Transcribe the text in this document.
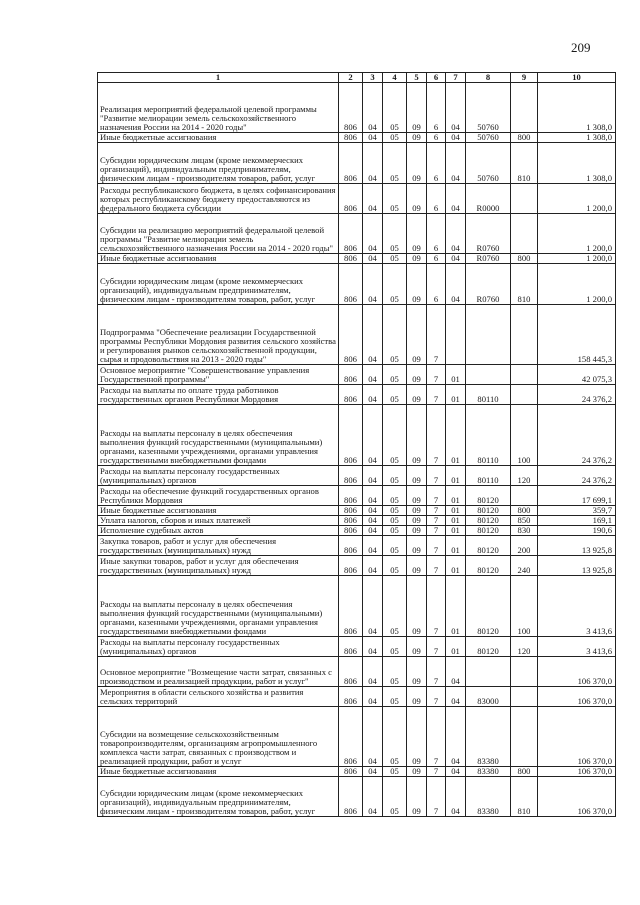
209
1	2	3	4	5	6	7	8	9	10
Реализация мероприятий федеральной целевой программы "Развитие мелиорации земель сельскохозяйственного назначения России на 2014 - 2020 годы"	806	04	05	09	6	04	50760		1 308,0
Иные бюджетные ассигнования	806	04	05	09	6	04	50760	800	1 308,0
Субсидии юридическим лицам (кроме некоммерческих организаций), индивидуальным предпринимателям, физическим лицам - производителям товаров, работ, услуг	806	04	05	09	6	04	50760	810	1 308,0
Расходы республиканского бюджета, в целях софинансирования которых республиканскому бюджету предоставляются из федерального бюджета субсидии	806	04	05	09	6	04	R0000		1 200,0
Субсидии на реализацию мероприятий федеральной целевой программы "Развитие мелиорации земель сельскохозяйственного назначения России на 2014 - 2020 годы"	806	04	05	09	6	04	R0760		1 200,0
Иные бюджетные ассигнования	806	04	05	09	6	04	R0760	800	1 200,0
Субсидии юридическим лицам (кроме некоммерческих организаций), индивидуальным предпринимателям, физическим лицам - производителям товаров, работ, услуг	806	04	05	09	6	04	R0760	810	1 200,0
Подпрограмма "Обеспечение реализации Государственной программы Республики Мордовия развития сельского хозяйства и регулирования рынков сельскохозяйственной продукции, сырья и продовольствия на 2013 - 2020 годы"	806	04	05	09	7				158 445,3
Основное мероприятие "Совершенствование управления Государственной программы"	806	04	05	09	7	01			42 075,3
Расходы на выплаты по оплате труда работников государственных органов Республики Мордовия	806	04	05	09	7	01	80110		24 376,2
Расходы на выплаты персоналу в целях обеспечения выполнения функций государственными (муниципальными) органами, казенными учреждениями, органами управления государственными внебюджетными фондами	806	04	05	09	7	01	80110	100	24 376,2
Расходы на выплаты персоналу государственных (муниципальных) органов	806	04	05	09	7	01	80110	120	24 376,2
Расходы на обеспечение функций государственных органов Республики Мордовия	806	04	05	09	7	01	80120		17 699,1
Иные бюджетные ассигнования	806	04	05	09	7	01	80120	800	359,7
Уплата налогов, сборов и иных платежей	806	04	05	09	7	01	80120	850	169,1
Исполнение судебных актов	806	04	05	09	7	01	80120	830	190,6
Закупка товаров, работ и услуг для обеспечения государственных (муниципальных) нужд	806	04	05	09	7	01	80120	200	13 925,8
Иные закупки товаров, работ и услуг для обеспечения государственных (муниципальных) нужд	806	04	05	09	7	01	80120	240	13 925,8
Расходы на выплаты персоналу в целях обеспечения выполнения функций государственными (муниципальными) органами, казенными учреждениями, органами управления государственными внебюджетными фондами	806	04	05	09	7	01	80120	100	3 413,6
Расходы на выплаты персоналу государственных (муниципальных) органов	806	04	05	09	7	01	80120	120	3 413,6
Основное мероприятие "Возмещение части затрат, связанных с производством и реализацией продукции, работ и услуг"	806	04	05	09	7	04			106 370,0
Мероприятия в области сельского хозяйства и развития сельских территорий	806	04	05	09	7	04	83000		106 370,0
Субсидии на возмещение сельскохозяйственным товаропроизводителям, организациям агропромышленного комплекса части затрат, связанных с производством и реализацией продукции, работ и услуг	806	04	05	09	7	04	83380		106 370,0
Иные бюджетные ассигнования	806	04	05	09	7	04	83380	800	106 370,0
Субсидии юридическим лицам (кроме некоммерческих организаций), индивидуальным предпринимателям, физическим лицам - производителям товаров, работ, услуг	806	04	05	09	7	04	83380	810	106 370,0
